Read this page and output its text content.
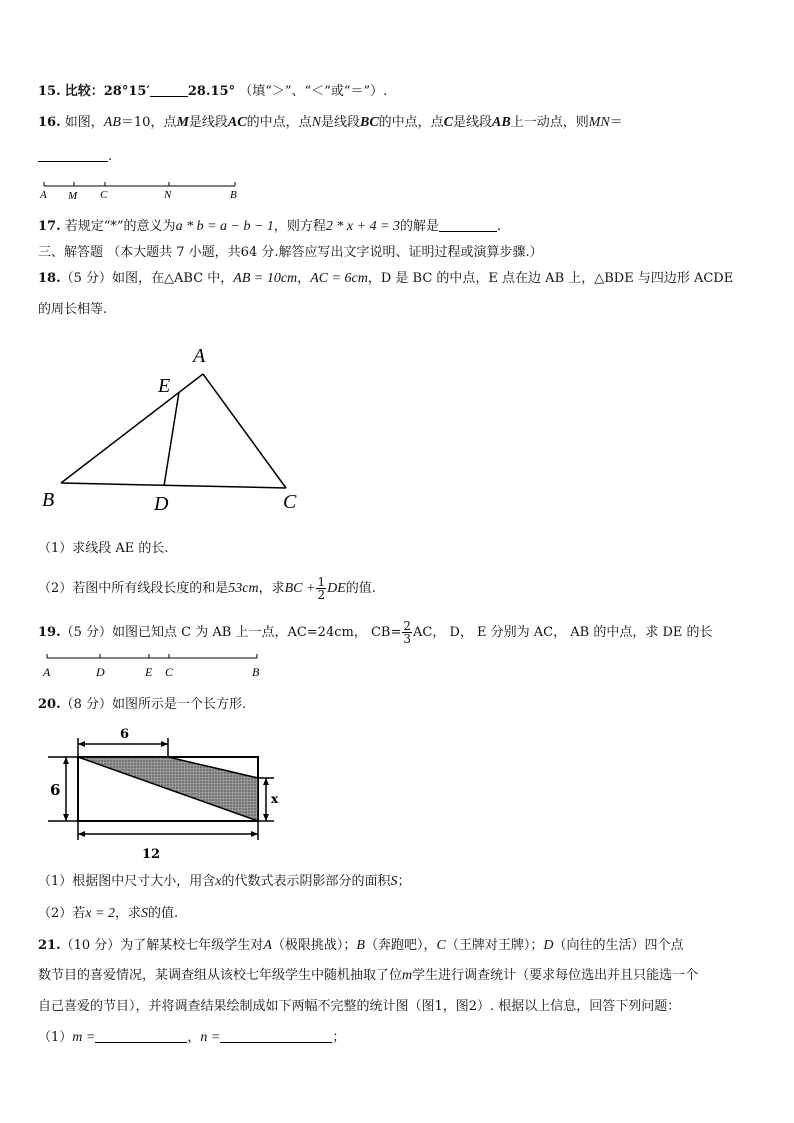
15. 比较：28°15′	28.15° （填“＞”、“＜”或“＝”）.
16. 如图，AB＝10，点M是线段AC的中点，点N是线段BC的中点，点C是线段AB上一动点，则MN＝
.
A M C	N	B
17. 若规定“*”的意义为a * b = a − b − 1，则方程2 * x + 4 = 3的解是	.
三、解答题 （本大题共 7 小题，共64 分.解答应写出文字说明、证明过程或演算步骤.）
18.（5 分）如图，在△ABC 中，AB = 10cm，AC = 6cm，D 是 BC 的中点，E 点在边 AB 上，△BDE 与四边形 ACDE
的周长相等.
A
E
B	D	C
（1）求线段 AE 的长.
（2）若图中所有线段长度的和是53cm，求BC + $\frac{1}{2}$ DE的值.
19.（5 分）如图已知点 C 为 AB 上一点，AC=24cm， $CB= \frac{2}{3}$ AC， D， E 分别为 AC， AB 的中点，求 DE 的长
A	D	E C	B
20.（8 分）如图所示是一个长方形.
6
6	x
12
（1）根据图中尺寸大小，用含x的代数式表示阴影部分的面积S；
（2）若x = 2，求S的值.
21.（10 分）为了解某校七年级学生对A（极限挑战）；B（奔跑吧），C（王牌对王牌）；D（向往的生活）四个点
数节目的喜爱情况，某调查组从该校七年级学生中随机抽取了位m学生进行调查统计（要求每位选出并且只能选一个
自己喜爱的节目），并将调查结果绘制成如下两幅不完整的统计图（图1，图2）. 根据以上信息，回答下列问题：
（1）m =	，n =	；
